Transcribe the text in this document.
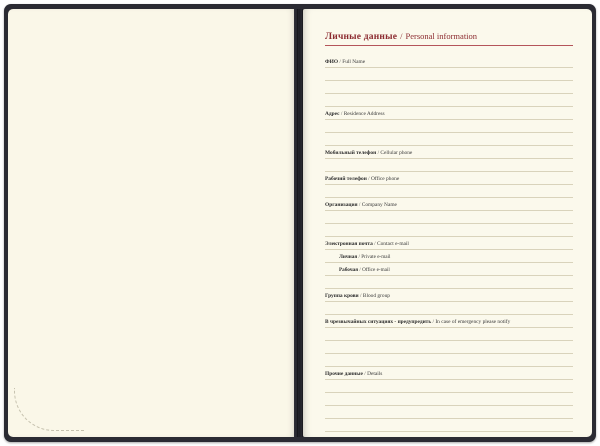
Личные данные / Personal information
ФИО / Full Name
Адрес / Residence Address
Мобильный телефон / Cellular phone
Рабочий телефон / Office phone
Организация / Company Name
Электронная почта / Contact e-mail
Личная / Private e-mail
Рабочая / Office e-mail
Группа крови / Blood group
В чрезвычайных ситуациях - предупредить / In case of emergency please notify
Прочие данные / Details
